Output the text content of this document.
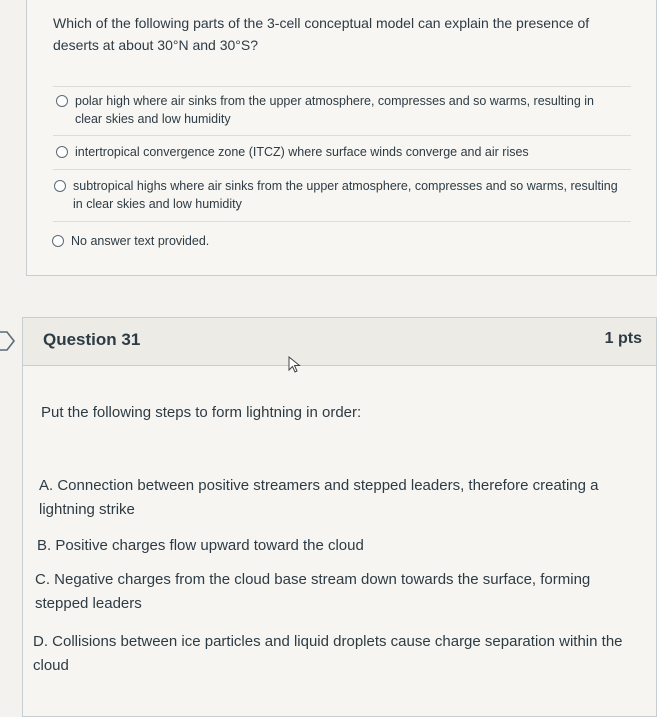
Which of the following parts of the 3-cell conceptual model can explain the presence of deserts at about 30°N and 30°S?
polar high where air sinks from the upper atmosphere, compresses and so warms, resulting in clear skies and low humidity
intertropical convergence zone (ITCZ) where surface winds converge and air rises
subtropical highs where air sinks from the upper atmosphere, compresses and so warms, resulting in clear skies and low humidity
No answer text provided.
Question 31	1 pts
Put the following steps to form lightning in order:
A. Connection between positive streamers and stepped leaders, therefore creating a lightning strike
B. Positive charges flow upward toward the cloud
C. Negative charges from the cloud base stream down towards the surface, forming stepped leaders
D. Collisions between ice particles and liquid droplets cause charge separation within the cloud
